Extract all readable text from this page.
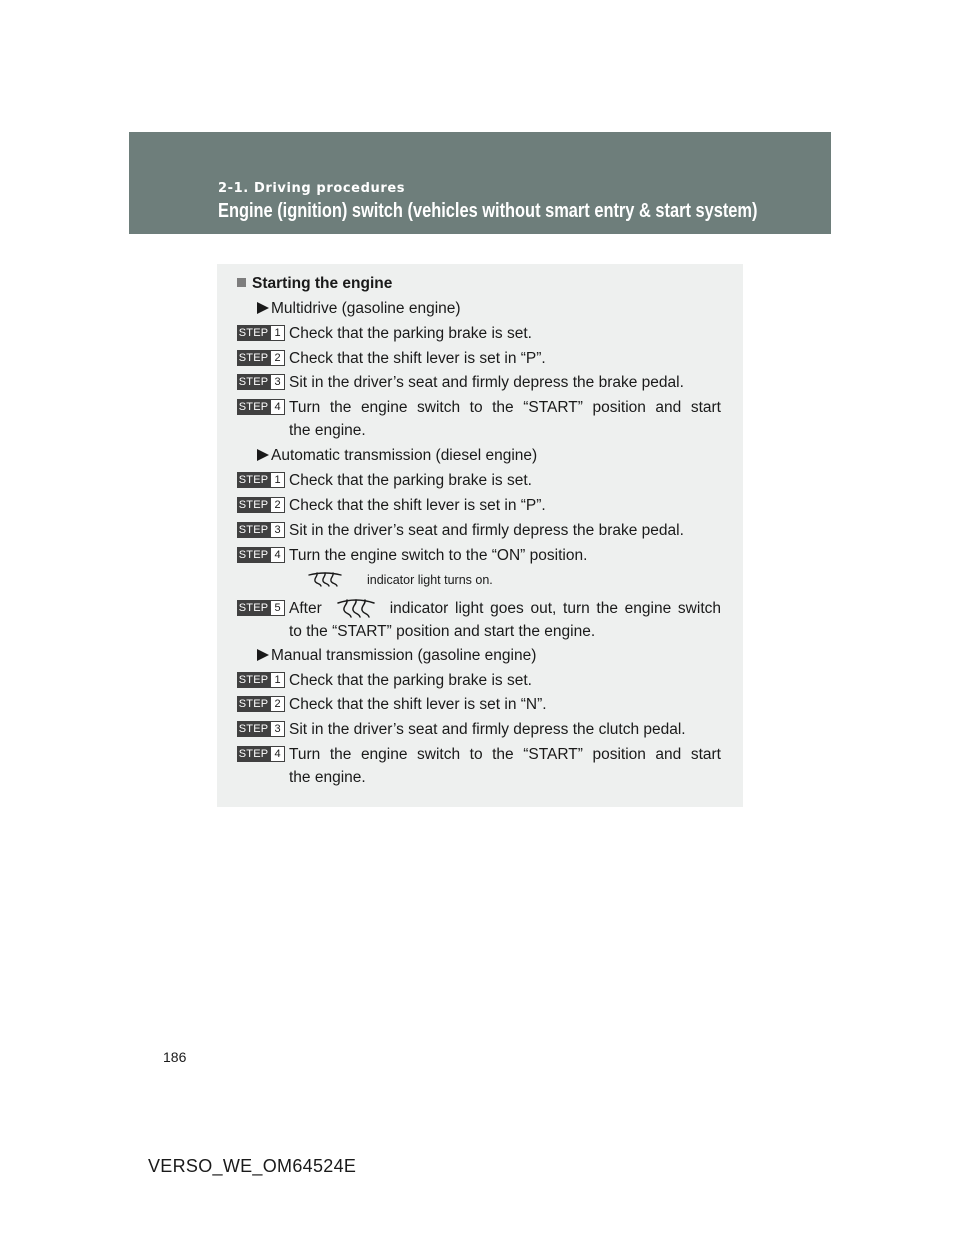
2-1. Driving procedures

Engine (ignition) switch (vehicles without smart entry & start system)

Starting the engine
Multidrive (gasoline engine)
STEP 1 Check that the parking brake is set.
STEP 2 Check that the shift lever is set in “P”.
STEP 3 Sit in the driver’s seat and firmly depress the brake pedal.
STEP 4 Turn the engine switch to the “START” position and start
the engine.
Automatic transmission (diesel engine)
STEP 1 Check that the parking brake is set.
STEP 2 Check that the shift lever is set in “P”.
STEP 3 Sit in the driver’s seat and firmly depress the brake pedal.
STEP 4 Turn the engine switch to the “ON” position.
indicator light turns on.
STEP 5 After	indicator light goes out, turn the engine switch
to the “START” position and start the engine.
Manual transmission (gasoline engine)
STEP 1 Check that the parking brake is set.
STEP 2 Check that the shift lever is set in “N”.
STEP 3 Sit in the driver’s seat and firmly depress the clutch pedal.
STEP 4 Turn the engine switch to the “START” position and start
the engine.
186
VERSO_WE_OM64524E
